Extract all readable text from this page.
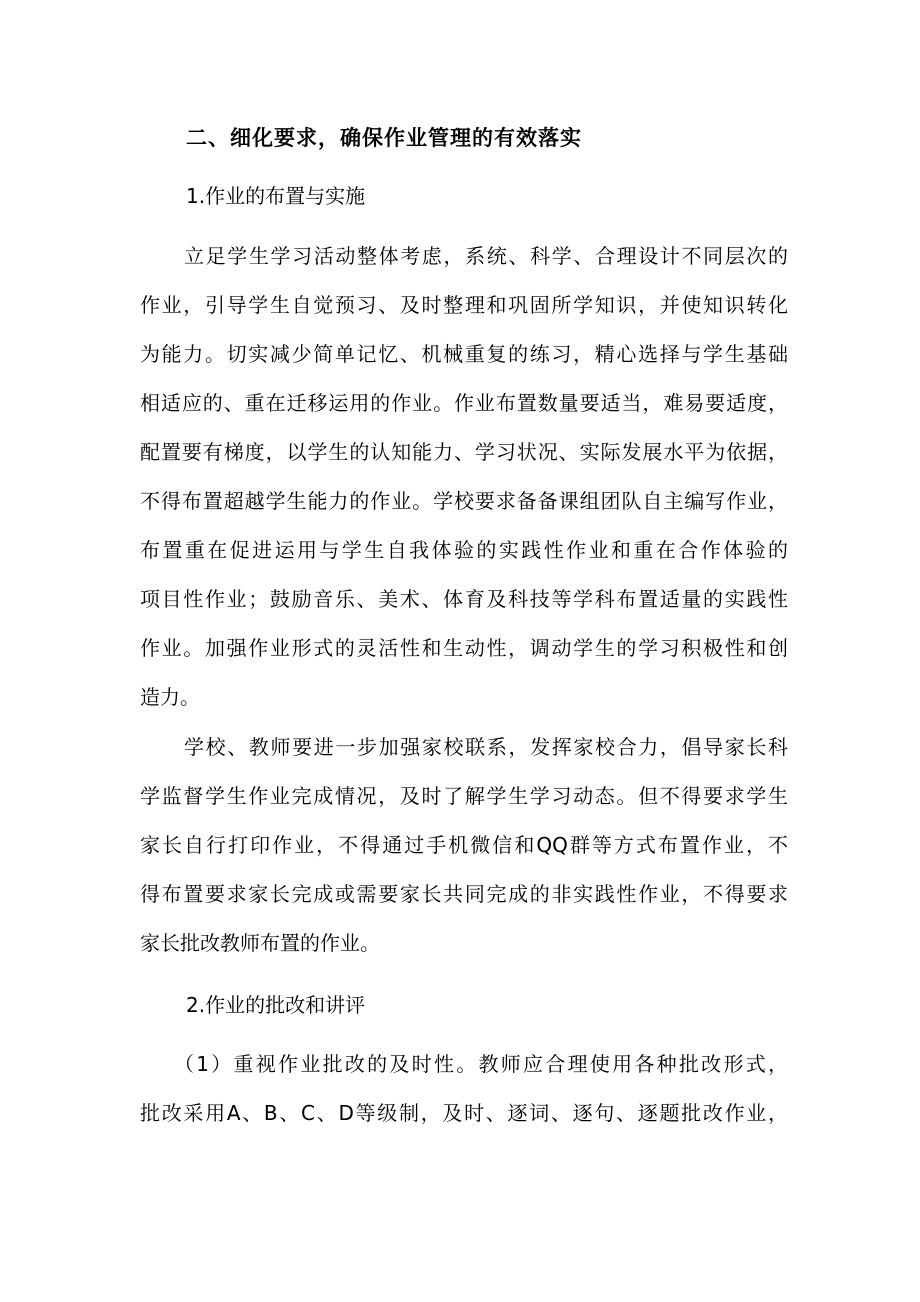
二、细化要求，确保作业管理的有效落实
1.作业的布置与实施
立足学生学习活动整体考虑，系统、科学、合理设计不同层次的
作业，引导学生自觉预习、及时整理和巩固所学知识，并使知识转化
为能力。切实减少简单记忆、机械重复的练习，精心选择与学生基础
相适应的、重在迁移运用的作业。作业布置数量要适当，难易要适度，
配置要有梯度，以学生的认知能力、学习状况、实际发展水平为依据，
不得布置超越学生能力的作业。学校要求备备课组团队自主编写作业，
布置重在促进运用与学生自我体验的实践性作业和重在合作体验的
项目性作业；鼓励音乐、美术、体育及科技等学科布置适量的实践性
作业。加强作业形式的灵活性和生动性，调动学生的学习积极性和创
造力。
学校、教师要进一步加强家校联系，发挥家校合力，倡导家长科
学监督学生作业完成情况，及时了解学生学习动态。但不得要求学生
家长自行打印作业，不得通过手机微信和QQ群等方式布置作业，不
得布置要求家长完成或需要家长共同完成的非实践性作业，不得要求
家长批改教师布置的作业。
2.作业的批改和讲评
（1）重视作业批改的及时性。教师应合理使用各种批改形式，
批改采用A、B、C、D等级制，及时、逐词、逐句、逐题批改作业，
